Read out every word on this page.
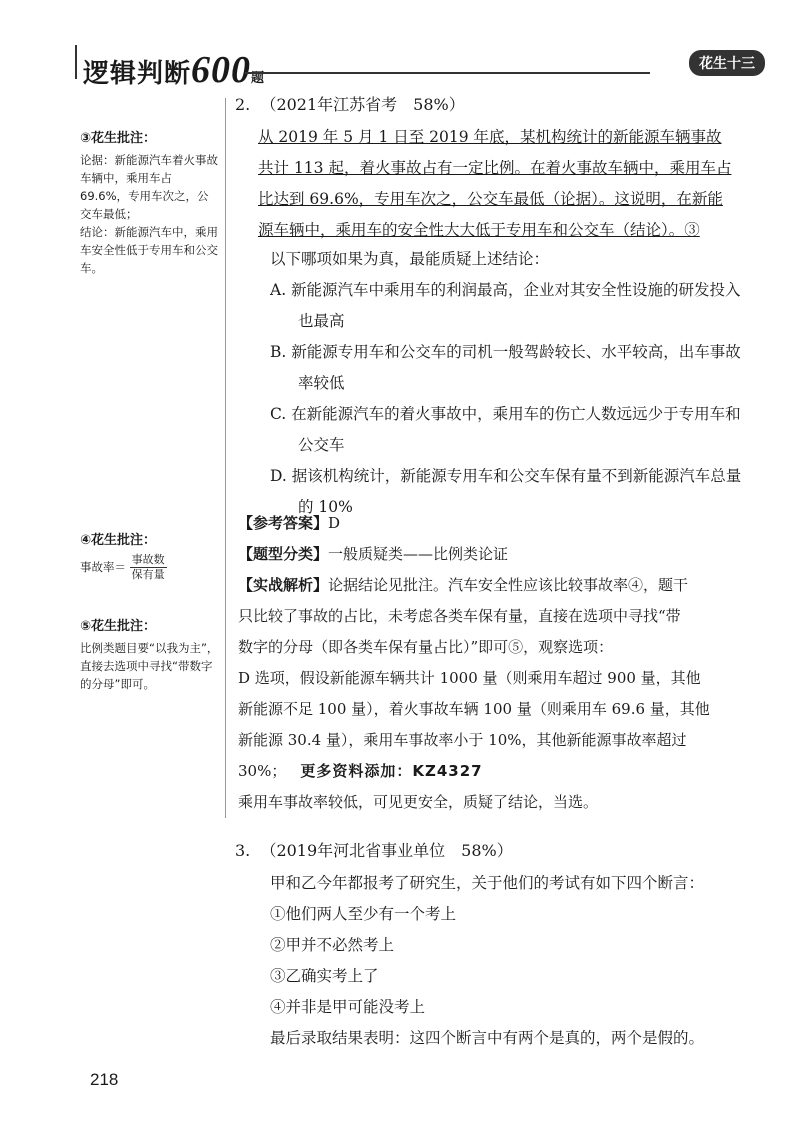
逻辑判断600题
花生十三
2. （2021年江苏省考　58%）
③花生批注：
论据：新能源汽车着火事故车辆中，乘用车占 69.6%，专用车次之，公交车最低；
结论：新能源汽车中，乘用车安全性低于专用车和公交车。
从 2019 年 5 月 1 日至 2019 年底，某机构统计的新能源车辆事故
共计 113 起，着火事故占有一定比例。在着火事故车辆中，乘用车占
比达到 69.6%，专用车次之，公交车最低（论据）。这说明，在新能
源车辆中，乘用车的安全性大大低于专用车和公交车（结论）。③
以下哪项如果为真，最能质疑上述结论：
A. 新能源汽车中乘用车的利润最高，企业对其安全性设施的研发投入也最高
B. 新能源专用车和公交车的司机一般驾龄较长、水平较高，出车事故率较低
C. 在新能源汽车的着火事故中，乘用车的伤亡人数远远少于专用车和公交车
D. 据该机构统计，新能源专用车和公交车保有量不到新能源汽车总量的 10%
④花生批注：
事故率＝ $\frac{\text{事故数}}{\text{保有量}}$
⑤花生批注：
比例类题目要“以我为主”，直接去选项中寻找“带数字的分母”即可。
【参考答案】D
【题型分类】一般质疑类——比例类论证
【实战解析】论据结论见批注。汽车安全性应该比较事故率④，题干
只比较了事故的占比，未考虑各类车保有量，直接在选项中寻找“带
数字的分母（即各类车保有量占比）”即可⑤，观察选项：
D 选项，假设新能源车辆共计 1000 量（则乘用车超过 900 量，其他
新能源不足 100 量），着火事故车辆 100 量（则乘用车 69.6 量，其他
新能源 30.4 量），乘用车事故率小于 10%，其他新能源事故率超过
30%； 更多资料添加：KZ4327
乘用车事故率较低，可见更安全，质疑了结论，当选。
3. （2019年河北省事业单位　58%）
甲和乙今年都报考了研究生，关于他们的考试有如下四个断言：
①他们两人至少有一个考上
②甲并不必然考上
③乙确实考上了
④并非是甲可能没考上
最后录取结果表明：这四个断言中有两个是真的，两个是假的。
218
